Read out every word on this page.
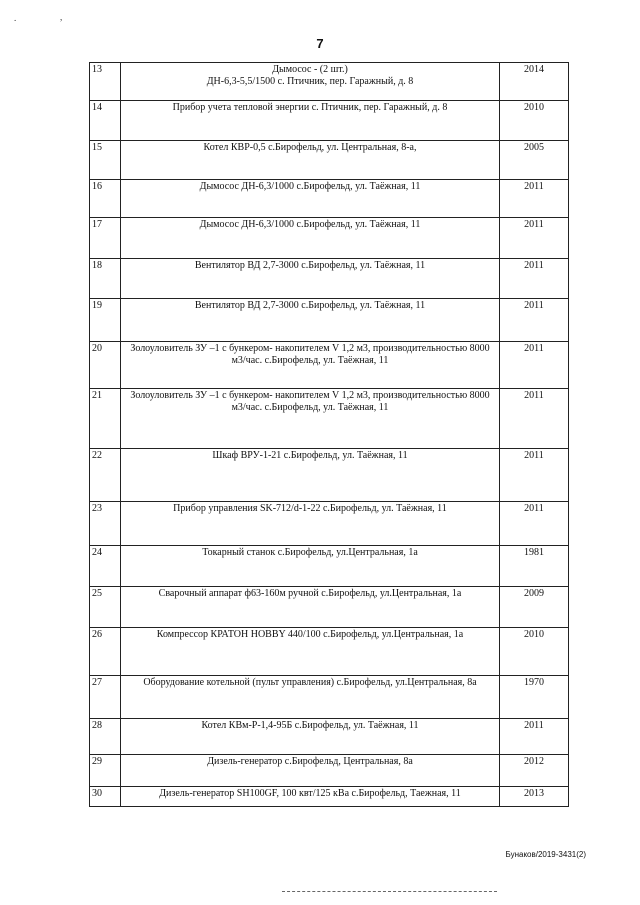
.	,
7
13	Дымосос - (2 шт.)
ДН-6,3-5,5/1500 с. Птичник, пер. Гаражный, д. 8	2014
14	Прибор учета тепловой энергии с. Птичник, пер. Гаражный, д. 8	2010
15	Котел КВР-0,5 с.Бирофельд, ул. Центральная, 8-а,	2005
16	Дымосос ДН-6,3/1000 с.Бирофельд, ул. Таёжная, 11	2011
17	Дымосос ДН-6,3/1000 с.Бирофельд, ул. Таёжная, 11	2011
18	Вентилятор ВД 2,7-3000 с.Бирофельд, ул. Таёжная, 11	2011
19	Вентилятор ВД 2,7-3000 с.Бирофельд, ул. Таёжная, 11	2011
20	Золоуловитель ЗУ –1 с бункером- накопителем V 1,2 м3, производительностью 8000 м3/час. с.Бирофельд, ул. Таёжная, 11	2011
21	Золоуловитель ЗУ –1 с бункером- накопителем V 1,2 м3, производительностью 8000 м3/час. с.Бирофельд, ул. Таёжная, 11	2011
22	Шкаф ВРУ-1-21 с.Бирофельд, ул. Таёжная, 11	2011
23	Прибор управления SK-712/d-1-22 с.Бирофельд, ул. Таёжная, 11	2011
24	Токарный станок с.Бирофельд, ул.Центральная, 1а	1981
25	Сварочный аппарат ф63-160м ручной с.Бирофельд, ул.Центральная, 1а	2009
26	Компрессор КРАТОН HOBBY 440/100 с.Бирофельд, ул.Центральная, 1а	2010
27	Оборудование котельной (пульт управления) с.Бирофельд, ул.Центральная, 8а	1970
28	Котел КВм-Р-1,4-95Б с.Бирофельд, ул. Таёжная, 11	2011
29	Дизель-генератор с.Бирофельд, Центральная, 8а	2012
30	Дизель-генератор SH100GF, 100 квт/125 кВа с.Бирофельд, Таежная, 11	2013
Бунаков/2019-3431(2)
